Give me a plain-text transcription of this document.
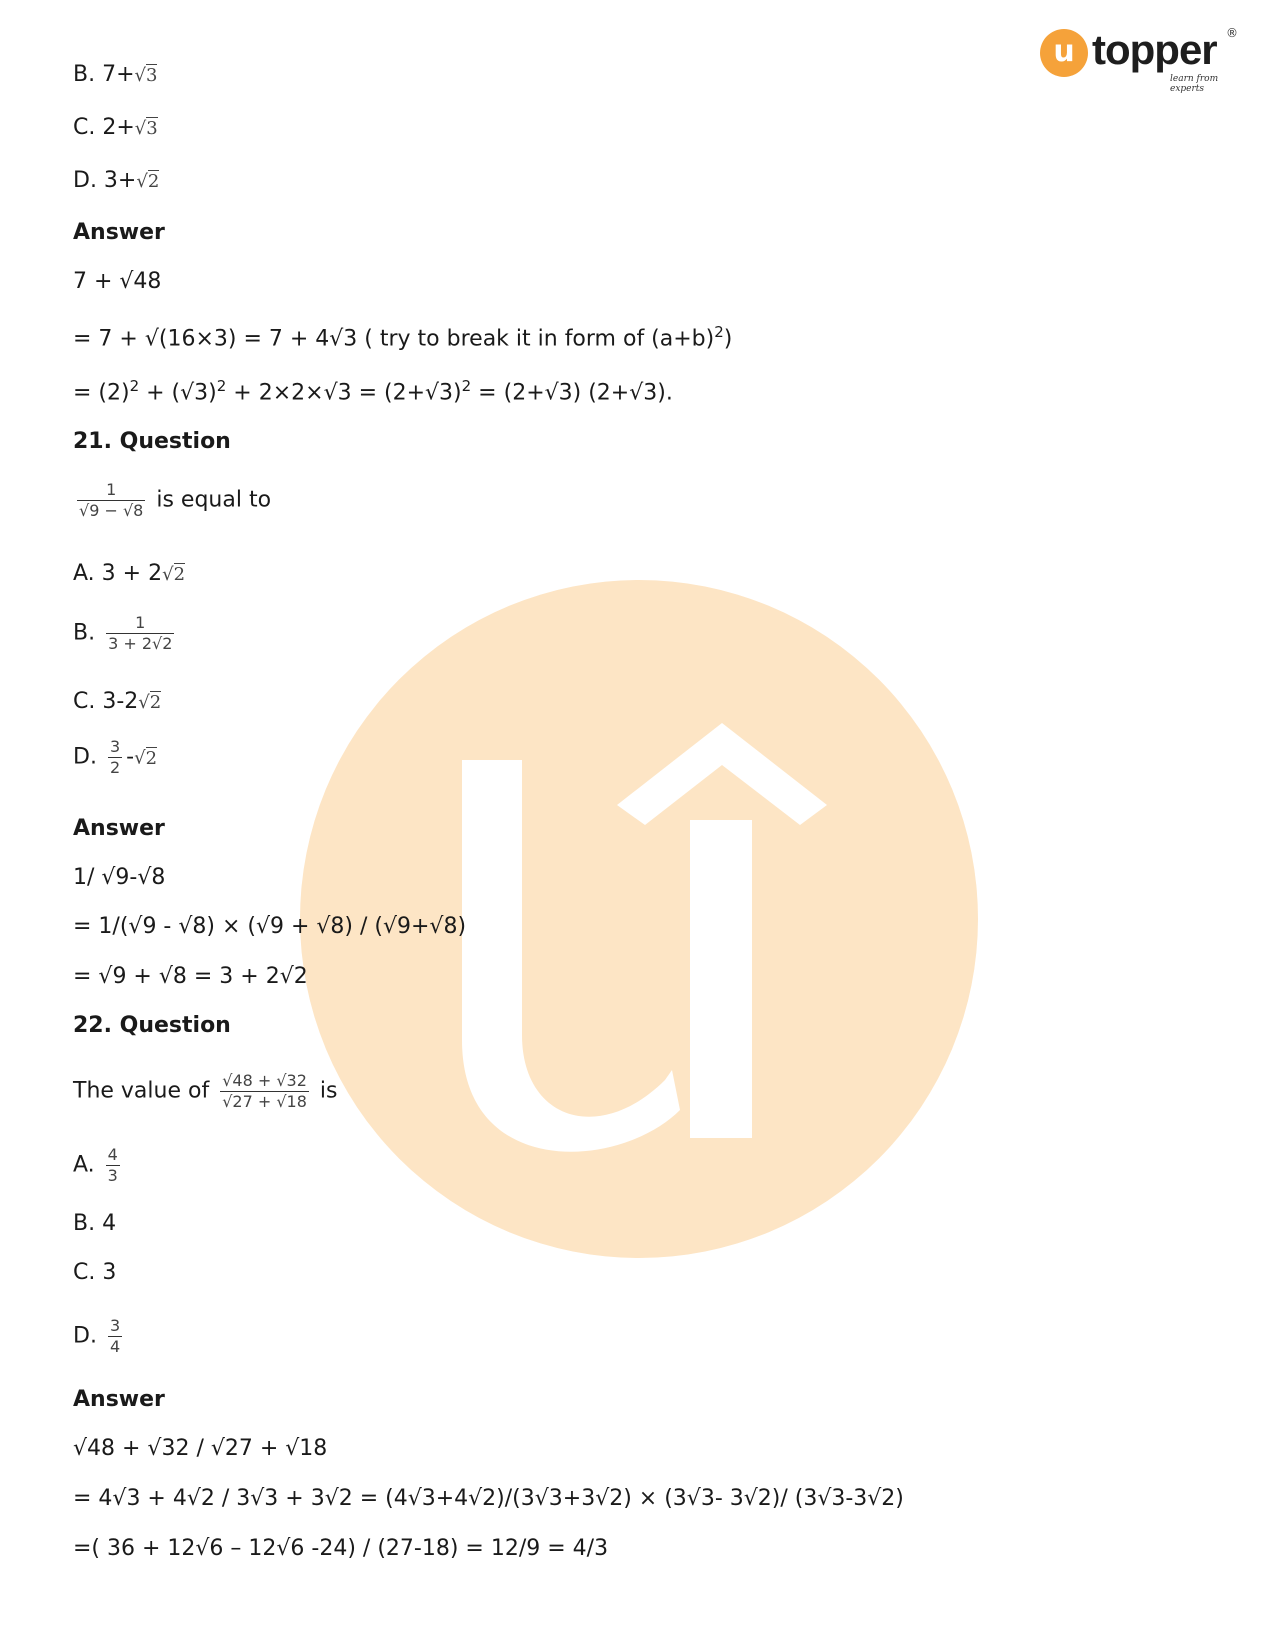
u topper ®
learn from experts
B. 7+√3
C. 2+√3
D. 3+√2
Answer
7 + √48
= 7 + √(16×3) = 7 + 4√3 ( try to break it in form of $(a+b)^2$)
= $(2)^2 + (√3)^2 + 2\times 2\times√3 = (2+√3)^2 = (2+√3)$ (2+√3).
21. Question
$\frac{1}{√9 - √8}$ is equal to
A. 3 + 2√2
B. $\frac{1}{3 + 2√2}$
C. 3-2√2
D. $\frac{3}{2} -√2$
Answer
1/ √9-√8
= 1/(√9 - √8) × (√9 + √8) / (√9+√8)
= √9 + √8 = 3 + 2√2
22. Question
The value of $\frac{√48 + √32}{√27 + √18}$ is
A. $\frac{4}{3}$
B. 4
C. 3
D. $\frac{3}{4}$
Answer
√48 + √32 / √27 + √18
= 4√3 + 4√2 / 3√3 + 3√2 = (4√3+4√2)/(3√3+3√2) × (3√3- 3√2)/ (3√3-3√2)
=( 36 + 12√6 – 12√6 -24) / (27-18) = 12/9 = 4/3
